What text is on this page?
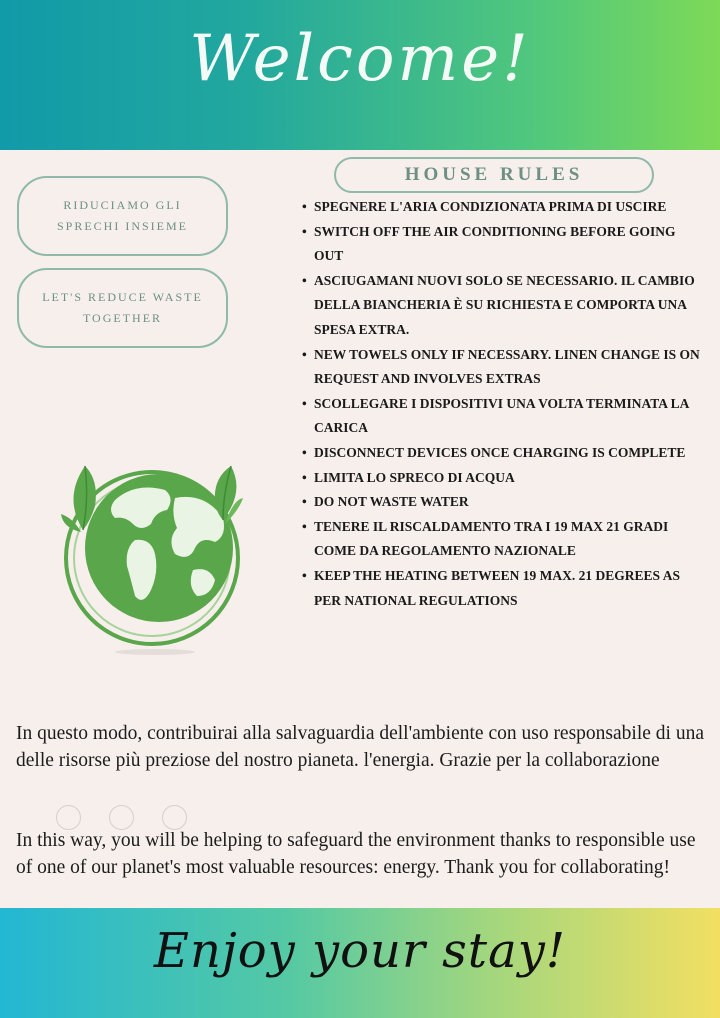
Welcome!
RIDUCIAMO GLI SPRECHI INSIEME
LET'S REDUCE WASTE TOGETHER
HOUSE RULES
• SPEGNERE L'ARIA CONDIZIONATA PRIMA DI USCIRE
• SWITCH OFF THE AIR CONDITIONING BEFORE GOING OUT
• ASCIUGAMANI NUOVI SOLO SE NECESSARIO. IL CAMBIO DELLA BIANCHERIA È SU RICHIESTA E COMPORTA UNA SPESA EXTRA.
• NEW TOWELS ONLY IF NECESSARY. LINEN CHANGE IS ON REQUEST AND INVOLVES EXTRAS
• SCOLLEGARE I DISPOSITIVI UNA VOLTA TERMINATA LA CARICA
• DISCONNECT DEVICES ONCE CHARGING IS COMPLETE
• LIMITA LO SPRECO DI ACQUA
• DO NOT WASTE WATER
• TENERE IL RISCALDAMENTO TRA I 19 MAX 21 GRADI COME DA REGOLAMENTO NAZIONALE
• KEEP THE HEATING BETWEEN 19 MAX. 21 DEGREES AS PER NATIONAL REGULATIONS

In questo modo, contribuirai alla salvaguardia dell'ambiente con uso responsabile di una delle risorse più preziose del nostro pianeta. l'energia. Grazie per la collaborazione

In this way, you will be helping to safeguard the environment thanks to responsible use of one of our planet's most valuable resources: energy. Thank you for collaborating!

Enjoy your stay!
